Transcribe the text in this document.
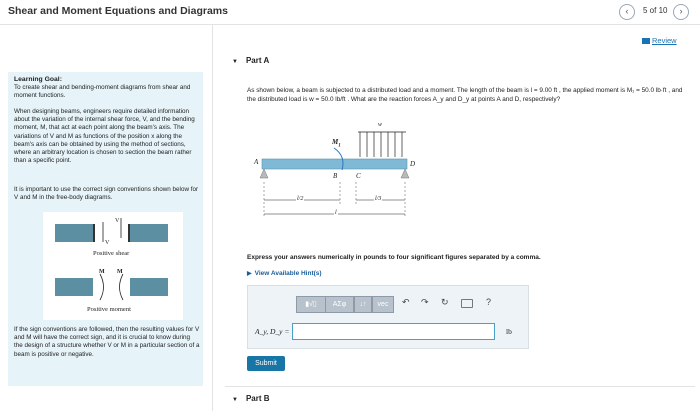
Shear and Moment Equations and Diagrams	‹	5 of 10	›
Learning Goal:
To create shear and bending-moment diagrams from shear and moment functions.
When designing beams, engineers require detailed information about the variation of the internal shear force, V, and the bending moment, M, that act at each point along the beam's axis. The variations of V and M as functions of the position x along the beam's axis can be obtained by using the method of sections, where an arbitrary location is chosen to section the beam rather than a specific point.
It is important to use the correct sign conventions shown below for V and M in the free-body diagrams.
V
V
Positive shear
M M
Positive moment
If the sign conventions are followed, then the resulting values for V and M will have the correct sign, and it is crucial to know during the design of a structure whether V or M in a particular section of a beam is positive or negative.
Review
▼ Part A
As shown below, a beam is subjected to a distributed load and a moment. The length of the beam is l = 9.00 ft , the applied moment is M₁ = 50.0 lb·ft , and the distributed load is w = 50.0 lb/ft . What are the reaction forces A_y and D_y at points A and D, respectively?
A
B	C
D
$M_1$
w
l/2	l/3
l
Express your answers numerically in pounds to four significant figures separated by a comma.
▶ View Available Hint(s)
▮√▯	ΑΣφ	↓↑	vec	↶ ↷ ↻	?
A_y, D_y =	lb
Submit
▼ Part B
